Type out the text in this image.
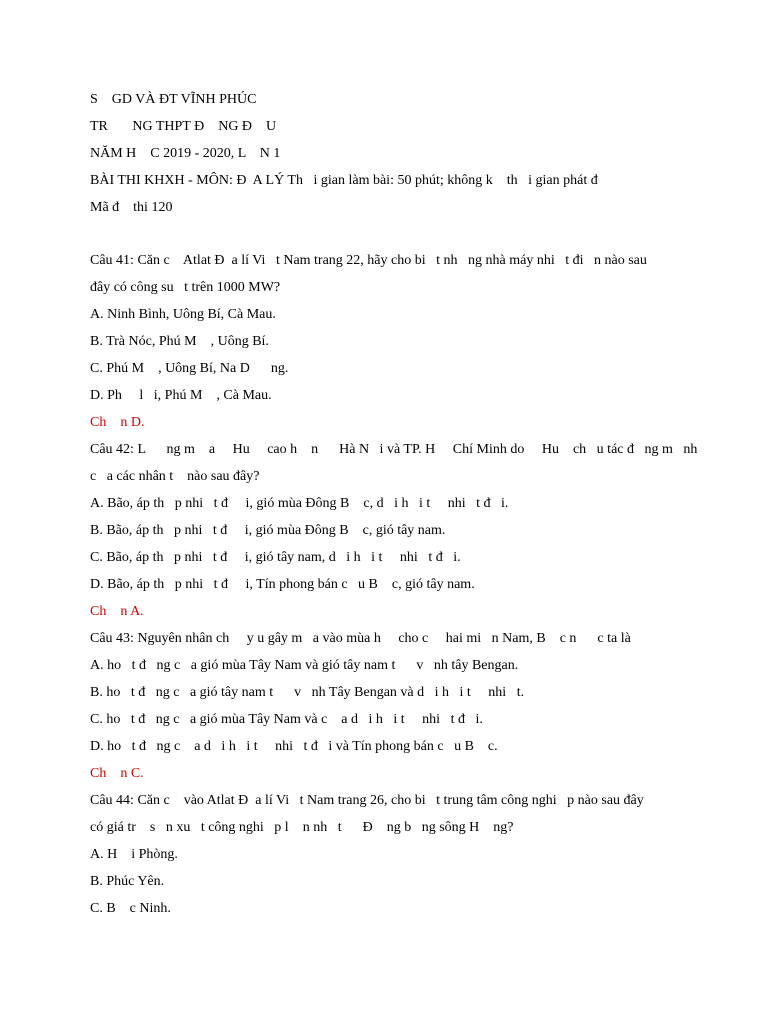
S    GD VÀ ĐT VĨNH PHÚC
TR       NG THPT Đ    NG Đ    U
NĂM H    C 2019 - 2020, L    N 1
BÀI THI KHXH - MÔN: Đ  A LÝ Th   i gian làm bài: 50 phút; không k    th   i gian phát đ
Mã đ    thi 120
Câu 41: Căn c    Atlat Đ  a lí Vi   t Nam trang 22, hãy cho bi   t nh   ng nhà máy nhi   t đi   n nào sau
đây có công su   t trên 1000 MW?
A. Ninh Bình, Uông Bí, Cà Mau.
B. Trà Nóc, Phú M    , Uông Bí.
C. Phú M    , Uông Bí, Na D      ng.
D. Ph     l   i, Phú M    , Cà Mau.
Ch    n D.
Câu 42: L      ng m    a     Hu     cao h    n      Hà N   i và TP. H     Chí Minh do     Hu    ch   u tác đ   ng m   nh
c   a các nhân t    nào sau đây?
A. Bão, áp th   p nhi   t đ     i, gió mùa Đông B    c, d   i h   i t     nhi   t đ   i.
B. Bão, áp th   p nhi   t đ     i, gió mùa Đông B    c, gió tây nam.
C. Bão, áp th   p nhi   t đ     i, gió tây nam, d   i h   i t     nhi   t đ   i.
D. Bão, áp th   p nhi   t đ     i, Tín phong bán c   u B    c, gió tây nam.
Ch    n A.
Câu 43: Nguyên nhân ch     y u gây m   a vào mùa h     cho c     hai mi   n Nam, B    c n      c ta là
A. ho   t đ   ng c   a gió mùa Tây Nam và gió tây nam t      v   nh tây Bengan.
B. ho   t đ   ng c   a gió tây nam t      v   nh Tây Bengan và d   i h   i t     nhi   t.
C. ho   t đ   ng c   a gió mùa Tây Nam và c    a d   i h   i t     nhi   t đ   i.
D. ho   t đ   ng c    a d   i h   i t     nhi   t đ   i và Tín phong bán c   u B    c.
Ch    n C.
Câu 44: Căn c    vào Atlat Đ  a lí Vi   t Nam trang 26, cho bi   t trung tâm công nghi   p nào sau đây
có giá tr    s   n xu   t công nghi   p l    n nh   t      Đ    ng b   ng sông H    ng?
A. H    i Phòng.
B. Phúc Yên.
C. B    c Ninh.
